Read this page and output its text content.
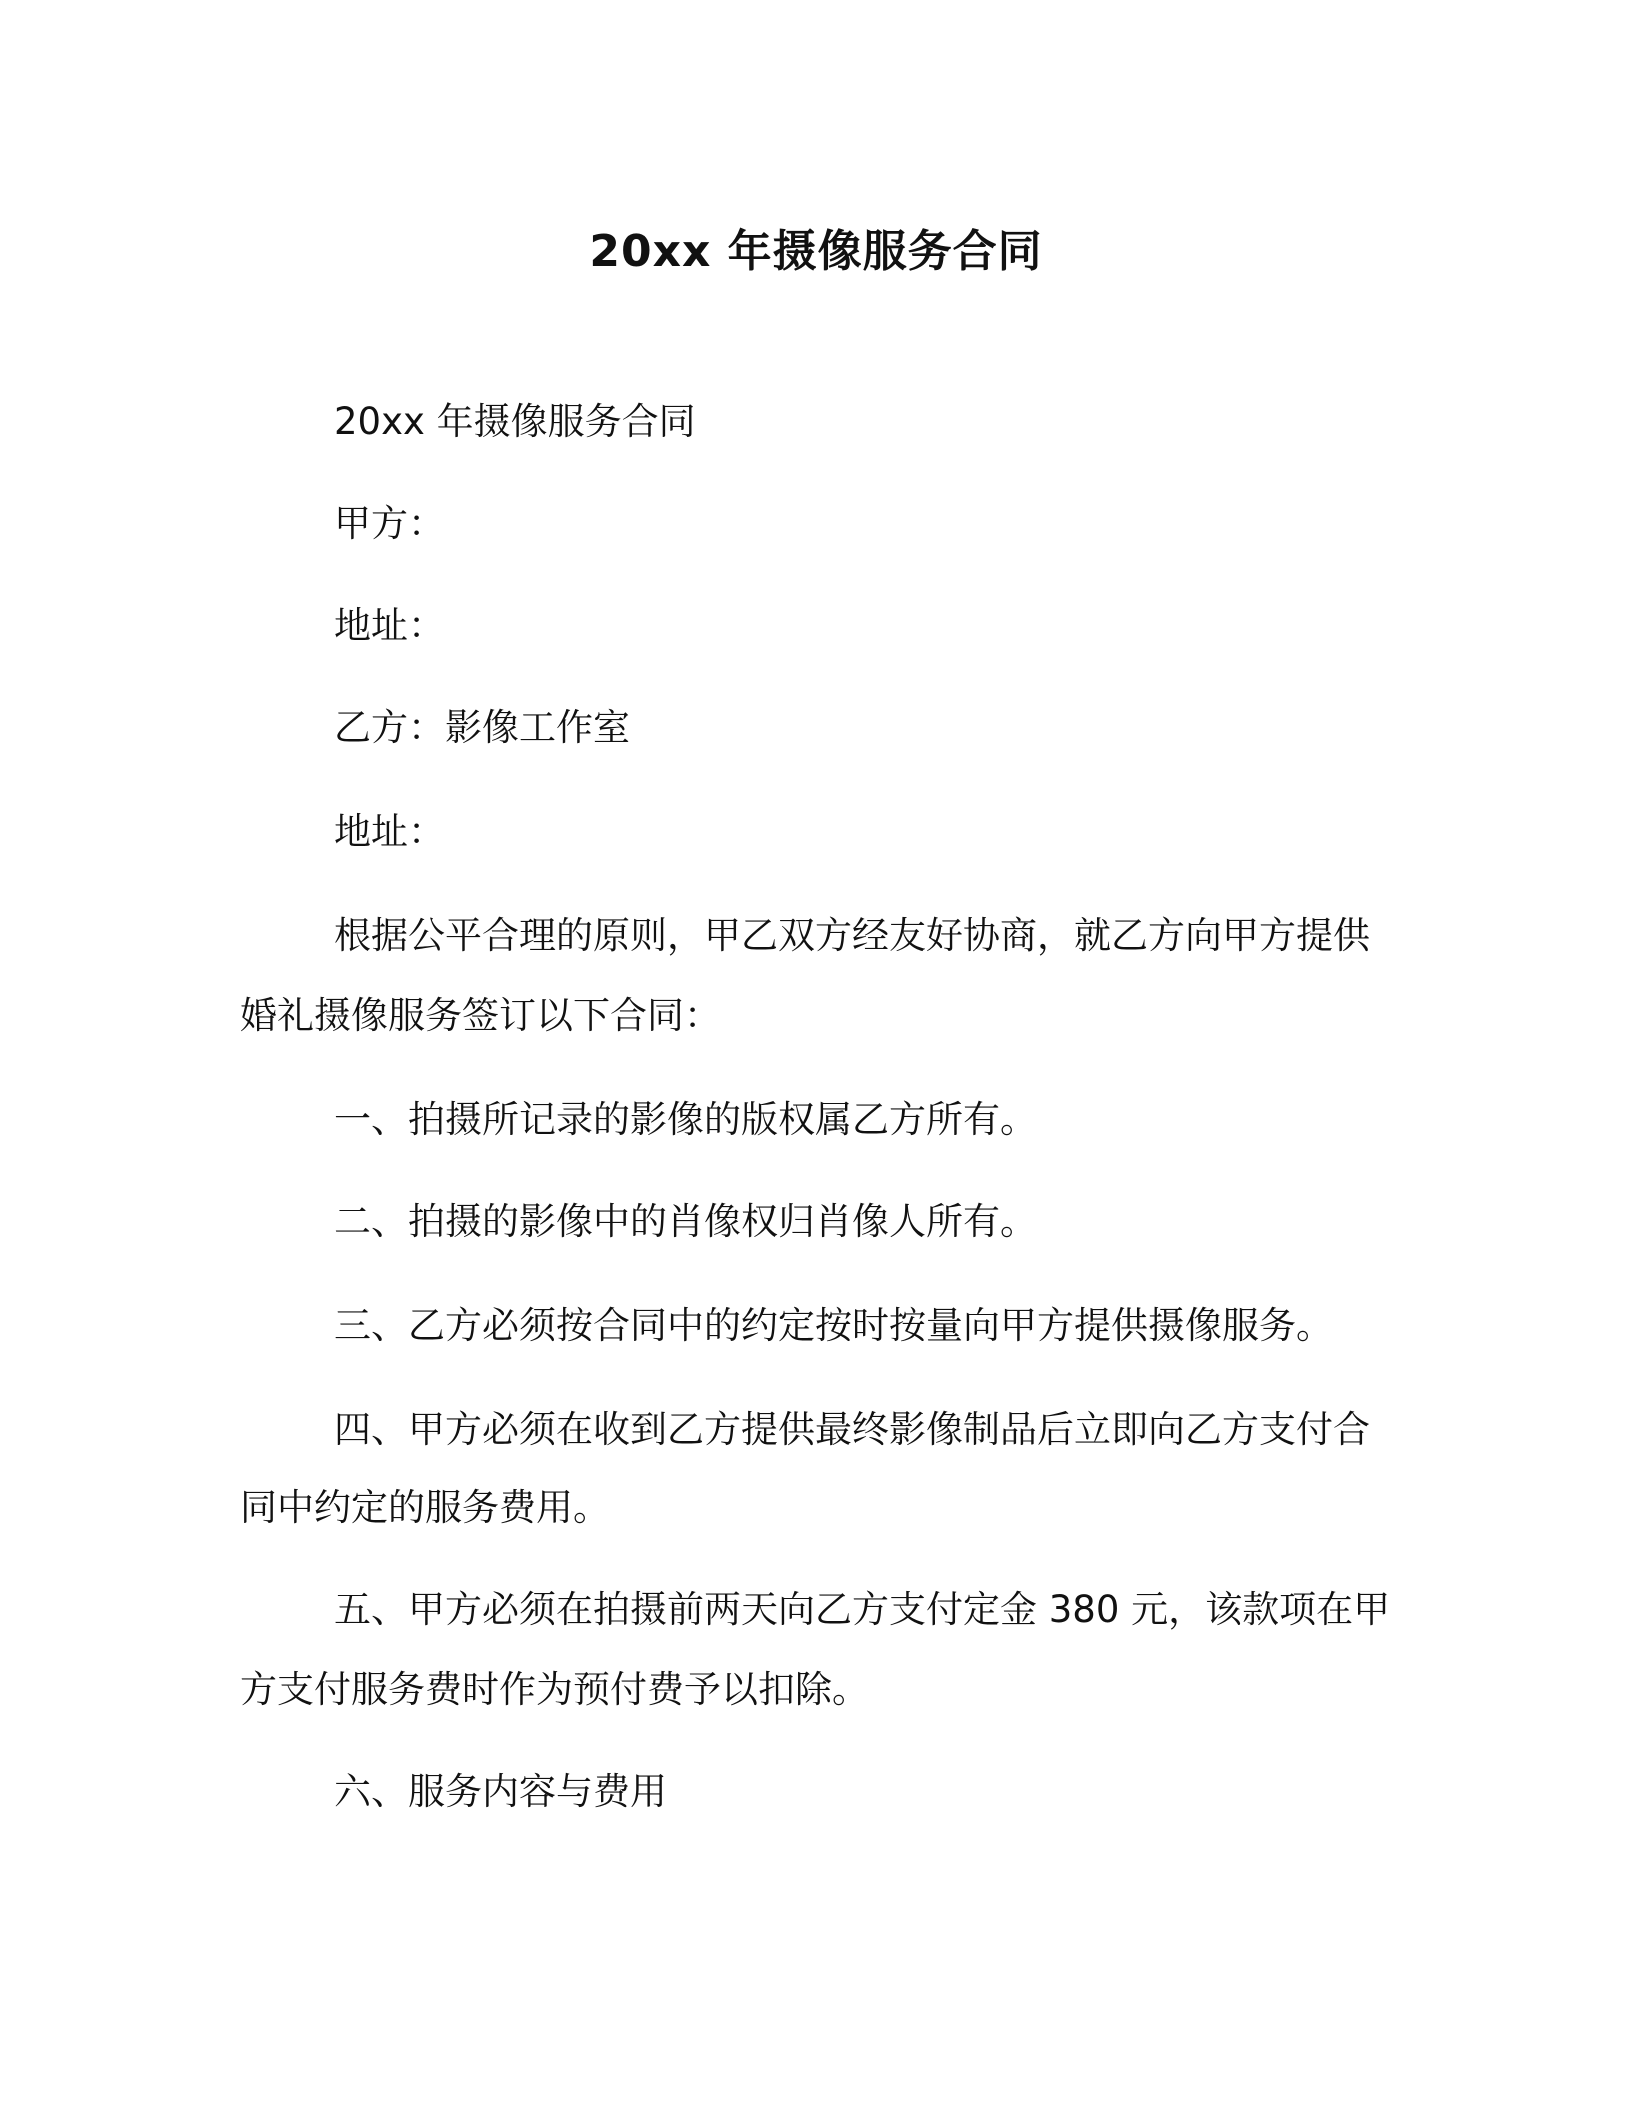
20xx 年摄像服务合同
20xx 年摄像服务合同
甲方：
地址：
乙方：影像工作室
地址：
根据公平合理的原则，甲乙双方经友好协商，就乙方向甲方提供
婚礼摄像服务签订以下合同：
一、拍摄所记录的影像的版权属乙方所有。
二、拍摄的影像中的肖像权归肖像人所有。
三、乙方必须按合同中的约定按时按量向甲方提供摄像服务。
四、甲方必须在收到乙方提供最终影像制品后立即向乙方支付合
同中约定的服务费用。
五、甲方必须在拍摄前两天向乙方支付定金 380 元，该款项在甲
方支付服务费时作为预付费予以扣除。
六、服务内容与费用
